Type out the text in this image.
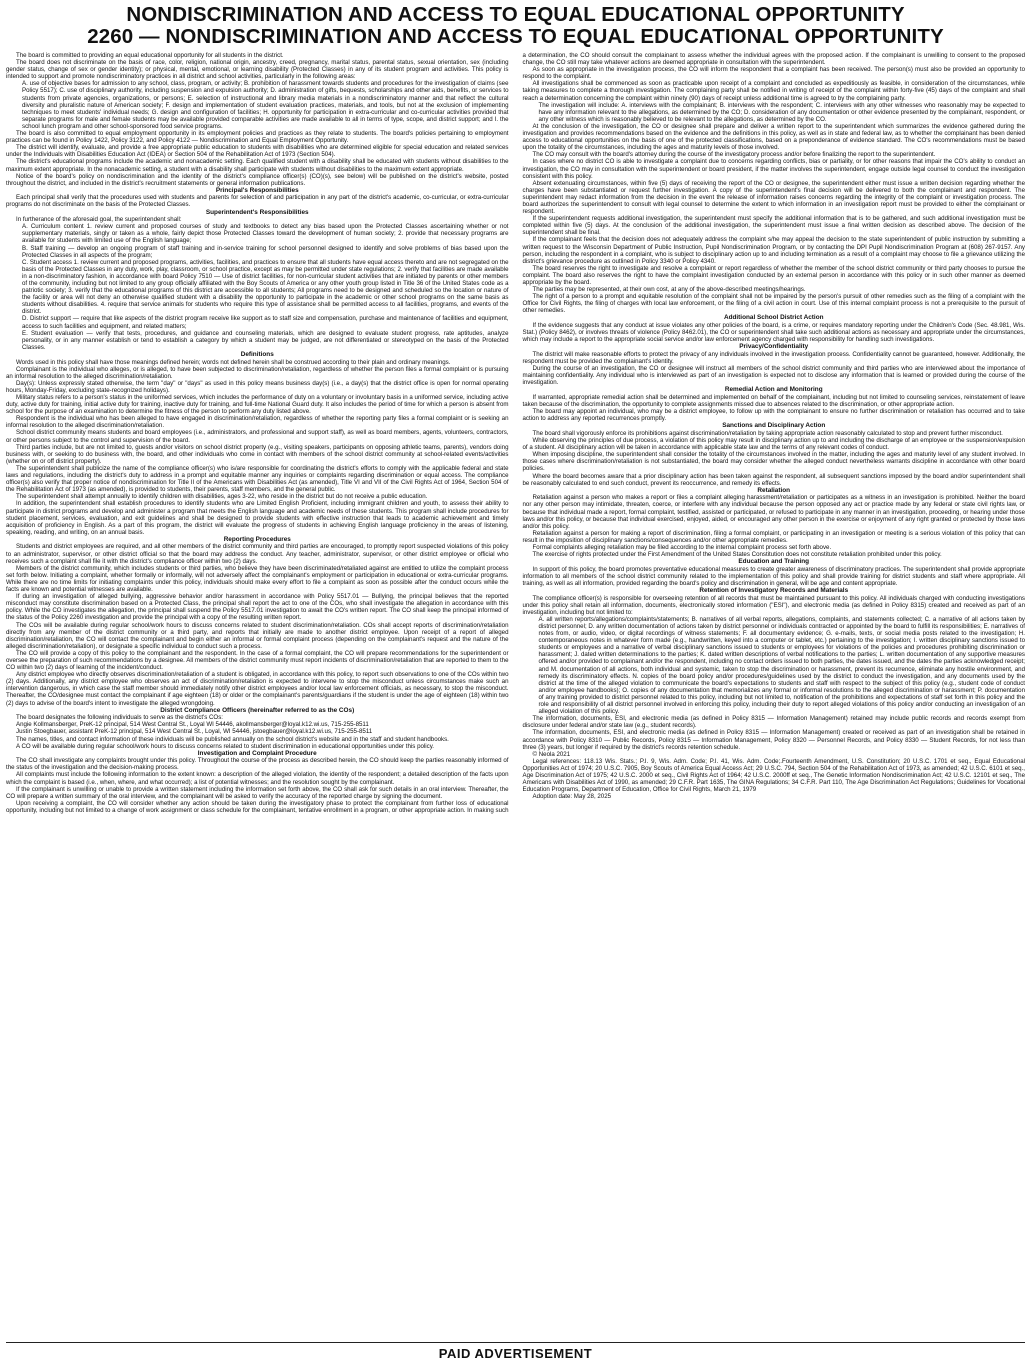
NONDISCRIMINATION AND ACCESS TO EQUAL EDUCATIONAL OPPORTUNITY
2260 — NONDISCRIMINATION AND ACCESS TO EQUAL EDUCATIONAL OPPORTUNITY

The board is committed to providing an equal educational opportunity for all students in the district.

The board does not discriminate on the basis of race, color, religion, national origin, ancestry, creed, pregnancy, marital status, parental status, sexual orientation, sex (including gender status, change of sex or gender identity); or physical, mental, emotional, or learning disability (Protected Classes) in any of its student program and activities. This policy is intended to support and promote nondiscriminatory practices in all district and school activities, particularly in the following areas:

A. use of objective bases for admission to any school, class, program, or activity; B. prohibition of harassment towards students and procedures for the investigation of claims (see Policy 5517); C. use of disciplinary authority, including suspension and expulsion authority; D. administration of gifts, bequests, scholarships and other aids, benefits, or services to students from private agencies, organizations, or persons; E. selection of instructional and library media materials in a nondiscriminatory manner and that reflect the cultural diversity and pluralistic nature of American society; F. design and implementation of student evaluation practices, materials, and tools, but not at the exclusion of implementing techniques to meet students' individual needs; G. design and configuration of facilities; H. opportunity for participation in extra-curricular and co-curricular activities provided that separate programs for male and female students may be available provided comparable activities are made available to all in terms of type, scope, and district support; and I. the school lunch program and other school-sponsored food service programs.

The board is also committed to equal employment opportunity in its employment policies and practices as they relate to students. The board's policies pertaining to employment practices can be found in Policy 1422, Policy 3122, and Policy 4122 — Nondiscrimination and Equal Employment Opportunity.

The district will identify, evaluate, and provide a free appropriate public education to students with disabilities who are determined eligible for special education and related services under the Individuals with Disabilities Education Act (IDEA) or Section 504 of the Rehabilitation Act of 1973 (Section 504).

The district's educational programs include the academic and nonacademic setting. Each qualified student with a disability shall be educated with students without disabilities to the maximum extent appropriate. In the nonacademic setting, a student with a disability shall participate with students without disabilities to the maximum extent appropriate.

Notice of the board's policy on nondiscrimination and the identity of the district's compliance officer(s) (CO)(s), see below) will be published on the district's website, posted throughout the district, and included in the district's recruitment statements or general information publications.

Principal's Responsibilities

Each principal shall verify that the procedures used with students and parents for selection of and participation in any part of the district's academic, co-curricular, or extra-curricular programs do not discriminate on the basis of the Protected Classes.

Superintendent's Responsibilities

In furtherance of the aforesaid goal, the superintendent shall:

A. Curriculum content 1. review current and proposed courses of study and textbooks to detect any bias based upon the Protected Classes ascertaining whether or not supplementary materials, singly or taken as a whole, fairly depict those Protected Classes toward the development of human society; 2. provide that necessary programs are available for students with limited use of the English language;

B. Staff training — develop an ongoing program of staff training and in-service training for school personnel designed to identify and solve problems of bias based upon the Protected Classes in all aspects of the program;

C. Student access 1. review current and proposed programs, activities, facilities, and practices to ensure that all students have equal access thereto and are not segregated on the basis of the Protected Classes in any duty, work, play, classroom, or school practice, except as may be permitted under state regulations; 2. verify that facilities are made available in a non-discriminatory fashion, in accordance with board Policy 7510 — Use of district facilities, for non-curricular student activities that are initiated by parents or other members of the community, including but not limited to any group officially affiliated with the Boy Scouts of America or any other youth group listed in Title 36 of the United States code as a patriotic society; 3. verify that the educational programs of this district are accessible to all students; All programs need to be designed and scheduled so the location or nature of the facility or area will not deny an otherwise qualified student with a disability the opportunity to participate in the academic or other school programs on the same basis as students without disabilities. 4. require that service animals for students who require this type of assistance shall be permitted access to all facilities, programs, and events of the district.

D. District support — require that like aspects of the district program receive like support as to staff size and compensation, purchase and maintenance of facilities and equipment, access to such facilities and equipment, and related matters;

E. Student evaluation — verify that tests, procedures, and guidance and counseling materials, which are designed to evaluate student progress, rate aptitudes, analyze personality, or in any manner establish or tend to establish a category by which a student may be judged, are not differentiated or stereotyped on the basis of the Protected Classes.

Definitions

Words used in this policy shall have those meanings defined herein; words not defined herein shall be construed according to their plain and ordinary meanings.

Complainant is the individual who alleges, or is alleged, to have been subjected to discrimination/retaliation, regardless of whether the person files a formal complaint or is pursuing an informal resolution to the alleged discrimination/retaliation.

Day(s): Unless expressly stated otherwise, the term "day" or "days" as used in this policy means business day(s) (i.e., a day(s) that the district office is open for normal operating hours, Monday-Friday, excluding state-recognized holidays).

Military status refers to a person's status in the uniformed services, which includes the performance of duty on a voluntary or involuntary basis in a uniformed service, including active duty, active duty for training, initial active duty for training, inactive duty for training, and full-time National Guard duty. It also includes the period of time for which a person is absent from school for the purpose of an examination to determine the fitness of the person to perform any duty listed above.

Respondent is the individual who has been alleged to have engaged in discrimination/retaliation, regardless of whether the reporting party files a formal complaint or is seeking an informal resolution to the alleged discrimination/retaliation.

School district community means students and board employees (i.e., administrators, and professional and support staff), as well as board members, agents, volunteers, contractors, or other persons subject to the control and supervision of the board.

Third parties include, but are not limited to, guests and/or visitors on school district property (e.g., visiting speakers, participants on opposing athletic teams, parents), vendors doing business with, or seeking to do business with, the board, and other individuals who come in contact with members of the school district community at school-related events/activities (whether on or off district property).

The superintendent shall publicize the name of the compliance officer(s) who is/are responsible for coordinating the district's efforts to comply with the applicable federal and state laws and regulations, including the district's duty to address in a prompt and equitable manner any inquiries or complaints regarding discrimination or equal access. The compliance officer(s) also verify that proper notice of nondiscrimination for Title II of the Americans with Disabilities Act (as amended), Title VI and VII of the Civil Rights Act of 1964, Section 504 of the Rehabilitation Act of 1973 (as amended), is provided to students, their parents, staff members, and the general public.

The superintendent shall attempt annually to identify children with disabilities, ages 3-22, who reside in the district but do not receive a public education.

In addition, the superintendent shall establish procedures to identify students who are Limited English Proficient, including immigrant children and youth, to assess their ability to participate in district programs and develop and administer a program that meets the English language and academic needs of these students. This program shall include procedures for student placement, services, evaluation, and exit guidelines and shall be designed to provide students with effective instruction that leads to academic achievement and timely acquisition of proficiency in English. As a part of this program, the district will evaluate the progress of students in achieving English language proficiency in the areas of listening, speaking, reading, and writing, on an annual basis.

Reporting Procedures

Students and district employees are required, and all other members of the district community and third parties are encouraged, to promptly report suspected violations of this policy to an administrator, supervisor, or other district official so that the board may address the conduct. Any teacher, administrator, supervisor, or other district employee or official who receives such a complaint shall file it with the district's compliance officer within two (2) days.

Members of the district community, which includes students or third parties, who believe they have been discriminated/retaliated against are entitled to utilize the complaint process set forth below. Initiating a complaint, whether formally or informally, will not adversely affect the complainant's employment or participation in educational or extra-curricular programs. While there are no time limits for initiating complaints under this policy, individuals should make every effort to file a complaint as soon as possible after the conduct occurs while the facts are known and potential witnesses are available.

If during an investigation of alleged bullying, aggressive behavior and/or harassment in accordance with Policy 5517.01 — Bullying, the principal believes that the reported misconduct may constitute discrimination based on a Protected Class, the principal shall report the act to one of the COs, who shall investigate the allegation in accordance with this policy. While the CO investigates the allegation, the principal shall suspend the Policy 5517.01 investigation to await the CO's written report. The CO shall keep the principal informed of the status of the Policy 2260 investigation and provide the principal with a copy of the resulting written report.

The COs will be available during regular school/work hours to discuss concerns related to student discrimination/retaliation. COs shall accept reports of discrimination/retaliation directly from any member of the district community or a third party, and reports that initially are made to another district employee. Upon receipt of a report of alleged discrimination/retaliation, the CO will contact the complainant and begin either an informal or formal complaint process (depending on the complainant's request and the nature of the alleged discrimination/retaliation), or designate a specific individual to conduct such a process.

The CO will provide a copy of this policy to the complainant and the respondent. In the case of a formal complaint, the CO will prepare recommendations for the superintendent or oversee the preparation of such recommendations by a designee. All members of the district community must report incidents of discrimination/retaliation that are reported to them to the CO within two (2) days of learning of the incident/conduct.

Any district employee who directly observes discrimination/retaliation of a student is obligated, in accordance with this policy, to report such observations to one of the COs within two (2) days. Additionally, any district employee who observes an act of discrimination/retaliation is expected to intervene to stop the misconduct unless circumstances make such an intervention dangerous, in which case the staff member should immediately notify other district employees and/or local law enforcement officials, as necessary, to stop the misconduct. Thereafter, the CO/designee must contact the complainant if age eighteen (18) or older or the complainant's parents/guardians if the student is under the age of eighteen (18) within two (2) days to advise of the board's intent to investigate the alleged wrongdoing.

District Compliance Officers (hereinafter referred to as the COs)

The board designates the following individuals to serve as the district's COs:

Angie Kollmansberger, PreK-12 principal, 514 West Central St., Loyal WI 54446, akollmansberger@loyal.k12.wi.us, 715-255-8511

Justin Stoegbauer, assistant PreK-12 principal, 514 West Central St., Loyal, WI 54446, jstoegbauer@loyal.k12.wi.us, 715-255-8511

The names, titles, and contact information of these individuals will be published annually on the school district's website and in the staff and student handbooks.

A CO will be available during regular school/work hours to discuss concerns related to student discrimination in educational opportunities under this policy.

Investigation and Complaint Procedure

The CO shall investigate any complaints brought under this policy. Throughout the course of the process as described herein, the CO should keep the parties reasonably informed of the status of the investigation and the decision-making process.

All complaints must include the following information to the extent known: a description of the alleged violation, the identity of the respondent; a detailed description of the facts upon which the complaint is based (i.e., when, where, and what occurred); a list of potential witnesses; and the resolution sought by the complainant.

If the complainant is unwilling or unable to provide a written statement including the information set forth above, the CO shall ask for such details in an oral interview. Thereafter, the CO will prepare a written summary of the oral interview, and the complainant will be asked to verify the accuracy of the reported charge by signing the document.

Upon receiving a complaint, the CO will consider whether any action should be taken during the investigatory phase to protect the complainant from further loss of educational opportunity, including but not limited to a change of work assignment or class schedule for the complainant, tentative enrollment in a program, or other appropriate action. In making such a determination, the CO should consult the complainant to assess whether the individual agrees with the proposed action. If the complainant is unwilling to consent to the proposed change, the CO still may take whatever actions are deemed appropriate in consultation with the superintendent.

As soon as appropriate in the investigation process, the CO will inform the respondent that a complaint has been received. The person(s) must also be provided an opportunity to respond to the complaint.

All investigations shall be commenced as soon as practicable upon receipt of a complaint and concluded as expeditiously as feasible, in consideration of the circumstances, while taking measures to complete a thorough investigation. The complaining party shall be notified in writing of receipt of the complaint within forty-five (45) days of the complaint and shall reach a determination concerning the complaint within ninety (90) days of receipt unless additional time is agreed to by the complaining party.

The investigation will include: A. interviews with the complainant; B. interviews with the respondent; C. interviews with any other witnesses who reasonably may be expected to have any information relevant to the allegations, as determined by the CO; D. consideration of any documentation or other evidence presented by the complainant, respondent, or any other witness which is reasonably believed to be relevant to the allegations, as determined by the CO.

At the conclusion of the investigation, the CO or designee shall prepare and deliver a written report to the superintendent which summarizes the evidence gathered during the investigation and provides recommendations based on the evidence and the definitions in this policy, as well as in state and federal law, as to whether the complainant has been denied access to educational opportunities on the basis of one of the protected classifications, based on a preponderance of evidence standard. The CO's recommendations must be based upon the totality of the circumstances, including the ages and maturity levels of those involved.

The CO may consult with the board's attorney during the course of the investigatory process and/or before finalizing the report to the superintendent.

In cases where no district CO is able to investigate a complaint due to concerns regarding conflicts, bias or partiality, or for other reasons that impair the CO's ability to conduct an investigation, the CO may in consultation with the superintendent or board president, if the matter involves the superintendent, engage outside legal counsel to conduct the investigation consistent with this policy.

Absent extenuating circumstances, within five (5) days of receiving the report of the CO or designee, the superintendent either must issue a written decision regarding whether the charges have been substantiated or request further investigation. A copy of the superintendent's final decision will be delivered to both the complainant and respondent. The superintendent may redact information from the decision in the event the release of information raises concerns regarding the integrity of the complaint or investigation process. The board authorizes the superintendent to consult with legal counsel to determine the extent to which information in an investigation report must be provided to either the complainant or respondent.

If the superintendent requests additional investigation, the superintendent must specify the additional information that is to be gathered, and such additional investigation must be completed within five (5) days. At the conclusion of the additional investigation, the superintendent must issue a final written decision as described above. The decision of the superintendent shall be final.

If the complainant feels that the decision does not adequately address the complaint s/he may appeal the decision to the state superintendent of public instruction by submitting a written request to the Wisconsin Department of Public Instruction, Pupil Nondiscrimination Program, or by contacting the DPI Pupil Nondiscrimination Program at (608) 267-9157. Any person, including the respondent in a complaint, who is subject to disciplinary action up to and including termination as a result of a complaint may choose to file a grievance utilizing the district's grievance procedure as outlined in Policy 3340 or Policy 4340.

The board reserves the right to investigate and resolve a complaint or report regardless of whether the member of the school district community or third party chooses to pursue the complaint. The board also reserves the right to have the complaint investigation conducted by an external person in accordance with this policy or in such other manner as deemed appropriate by the board.

The parties may be represented, at their own cost, at any of the above-described meetings/hearings.

The right of a person to a prompt and equitable resolution of the complaint shall not be impaired by the person's pursuit of other remedies such as the filing of a complaint with the Office for Civil Rights, the filing of charges with local law enforcement, or the filing of a civil action in court. Use of this internal complaint process is not a prerequisite to the pursuit of other remedies.

Additional School District Action

If the evidence suggests that any conduct at issue violates any other policies of the board, is a crime, or requires mandatory reporting under the Children's Code (Sec. 48.981, Wis. Stat.) (Policy 8462), or involves threats of violence (Policy 8462.01), the CO or superintendent shall take such additional actions as necessary and appropriate under the circumstances, which may include a report to the appropriate social service and/or law enforcement agency charged with responsibility for handling such investigations.

Privacy/Confidentiality

The district will make reasonable efforts to protect the privacy of any individuals involved in the investigation process. Confidentiality cannot be guaranteed, however. Additionally, the respondent must be provided the complainant's identity.

During the course of an investigation, the CO or designee will instruct all members of the school district community and third parties who are interviewed about the importance of maintaining confidentiality. Any individual who is interviewed as part of an investigation is expected not to disclose any information that is learned or provided during the course of the investigation.

Remedial Action and Monitoring

If warranted, appropriate remedial action shall be determined and implemented on behalf of the complainant, including but not limited to counseling services, reinstatement of leave taken because of the discrimination, the opportunity to complete assignments missed due to absences related to the discrimination, or other appropriate action.

The board may appoint an individual, who may be a district employee, to follow up with the complainant to ensure no further discrimination or retaliation has occurred and to take action to address any reported recurrences promptly.

Sanctions and Disciplinary Action

The board shall vigorously enforce its prohibitions against discrimination/retaliation by taking appropriate action reasonably calculated to stop and prevent further misconduct.

While observing the principles of due process, a violation of this policy may result in disciplinary action up to and including the discharge of an employee or the suspension/expulsion of a student. All disciplinary action will be taken in accordance with applicable state law and the terms of any relevant codes of conduct.

When imposing discipline, the superintendent shall consider the totality of the circumstances involved in the matter, including the ages and maturity level of any student involved. In those cases where discrimination/retaliation is not substantiated, the board may consider whether the alleged conduct nevertheless warrants discipline in accordance with other board policies.

Where the board becomes aware that a prior disciplinary action has been taken against the respondent, all subsequent sanctions imposed by the board and/or superintendent shall be reasonably calculated to end such conduct, prevent its reoccurrence, and remedy its effects.

Retaliation

Retaliation against a person who makes a report or files a complaint alleging harassment/retaliation or participates as a witness in an investigation is prohibited. Neither the board nor any other person may intimidate, threaten, coerce, or interfere with any individual because the person opposed any act or practice made by any federal or state civil rights law, or because that individual made a report, formal complaint, testified, assisted or participated, or refused to participate in any manner in an investigation, proceeding, or hearing under those laws and/or this policy, or because that individual exercised, enjoyed, aided, or encouraged any other person in the exercise or enjoyment of any right granted or protected by those laws and/or this policy.

Retaliation against a person for making a report of discrimination, filing a formal complaint, or participating in an investigation or meeting is a serious violation of this policy that can result in the imposition of disciplinary sanctions/consequences and/or other appropriate remedies.

Formal complaints alleging retaliation may be filed according to the internal complaint process set forth above.

The exercise of rights protected under the First Amendment of the United States Constitution does not constitute retaliation prohibited under this policy.

Education and Training

In support of this policy, the board promotes preventative educational measures to create greater awareness of discriminatory practices. The superintendent shall provide appropriate information to all members of the school district community related to the implementation of this policy and shall provide training for district students and staff where appropriate. All training, as well as all information, provided regarding the board's policy and discrimination in general, will be age and content appropriate.

Retention of Investigatory Records and Materials

The compliance officer(s) is responsible for overseeing retention of all records that must be maintained pursuant to this policy. All individuals charged with conducting investigations under this policy shall retain all information, documents, electronically stored information ("ESI"), and electronic media (as defined in Policy 8315) created and received as part of an investigation, including but not limited to:

A. all written reports/allegations/complaints/statements; B. narratives of all verbal reports, allegations, complaints, and statements collected; C. a narrative of all actions taken by district personnel; D. any written documentation of actions taken by district personnel or individuals contracted or appointed by the board to fulfill its responsibilities; E. narratives of notes from, or audio, video, or digital recordings of witness statements; F. all documentary evidence; G. e-mails, texts, or social media posts related to the investigation; H. contemporaneous notes in whatever form made (e.g., handwritten, keyed into a computer or tablet, etc.) pertaining to the investigation; I. written disciplinary sanctions issued to students or employees and a narrative of verbal disciplinary sanctions issued to students or employees for violations of the policies and procedures prohibiting discrimination or harassment; J. dated written determinations to the parties; K. dated written descriptions of verbal notifications to the parties; L. written documentation of any supportive measures offered and/or provided to complainant and/or the respondent, including no contact orders issued to both parties, the dates issued, and the dates the parties acknowledged receipt; and M. documentation of all actions, both individual and systemic, taken to stop the discrimination or harassment, prevent its recurrence, eliminate any hostile environment, and remedy its discriminatory effects. N. copies of the board policy and/or procedures/guidelines used by the district to conduct the investigation, and any documents used by the district at the time of the alleged violation to communicate the board's expectations to students and staff with respect to the subject of this policy (e.g., student code of conduct and/or employee handbooks); O. copies of any documentation that memorializes any formal or informal resolutions to the alleged discrimination or harassment; P. documentation of any training provided to district personnel related to this policy, including but not limited to, notification of the prohibitions and expectations of staff set forth in this policy and the role and responsibility of all district personnel involved in enforcing this policy, including their duty to report alleged violations of this policy and/or conducting an investigation of an alleged violation of this policy.

The information, documents, ESI, and electronic media (as defined in Policy 8315 — Information Management) retained may include public records and records exempt from disclosure under federal and/or state law (e.g., student records).

The information, documents, ESI, and electronic media (as defined in Policy 8315 — Information Management) created or received as part of an investigation shall be retained in accordance with Policy 8310 — Public Records, Policy 8315 — Information Management, Policy 8320 — Personnel Records, and Policy 8330 — Student Records, for not less than three (3) years, but longer if required by the district's records retention schedule.

© Neola 2021

Legal references: 118.13 Wis. Stats.; P.I. 9, Wis. Adm. Code; P.I. 41, Wis. Adm. Code;.Fourteenth Amendment, U.S. Constitution; 20 U.S.C. 1701 et seq., Equal Educational Opportunities Act of 1974; 20 U.S.C. 7905, Boy Scouts of America Equal Access Act; 29 U.S.C. 794, Section 504 of the Rehabilitation Act of 1973, as amended; 42 U.S.C. 6101 et seq., Age Discrimination Act of 1975; 42 U.S.C. 2000 et seq., Civil Rights Act of 1964; 42 U.S.C. 2000ff et seq., The Genetic Information Nondiscrimination Act; 42 U.S.C. 12101 et seq., The Americans with Disabilities Act of 1990, as amended; 29 C.F.R. Part 1635, The GINA Regulations; 34 C.F.R. Part 110, The Age Discrimination Act Regulations; Guidelines for Vocational Education Programs, Department of Education, Office for Civil Rights, March 21, 1979

Adoption date: May 28, 2025

PAID ADVERTISEMENT
